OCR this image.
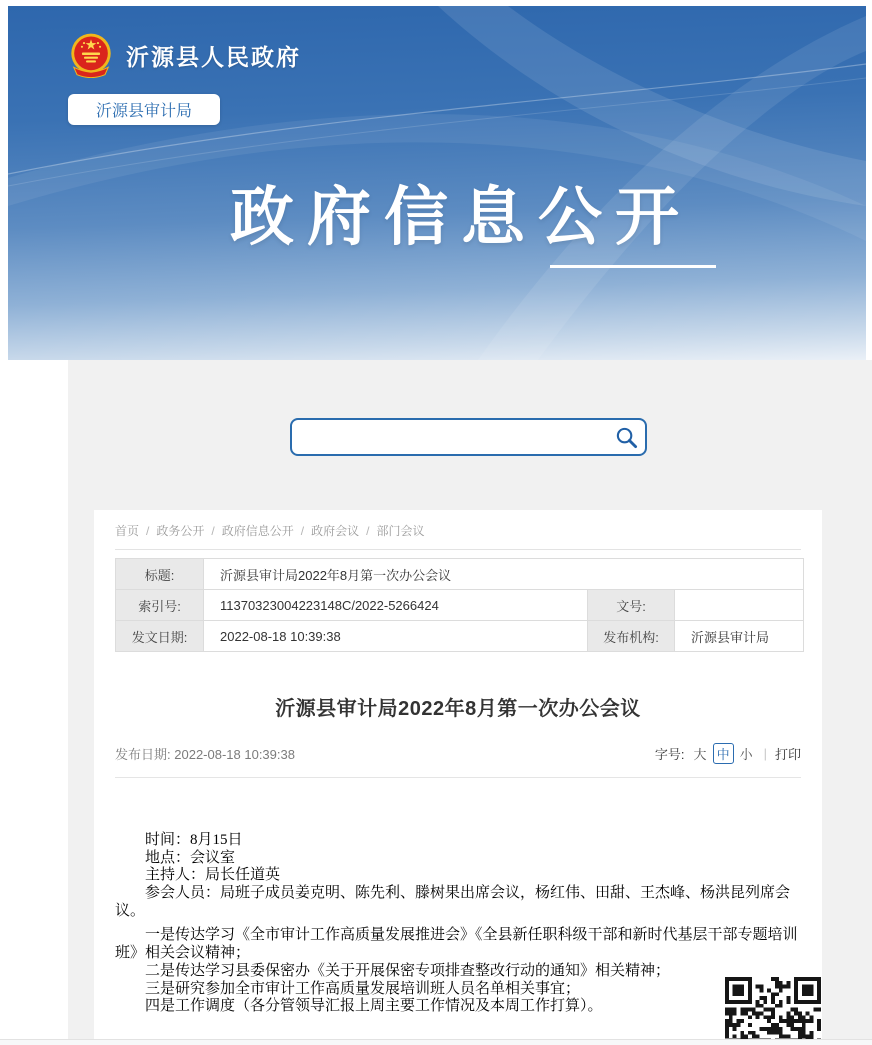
沂源县人民政府
沂源县审计局
政府信息公开
首页 / 政务公开 / 政府信息公开 / 政府会议 / 部门会议
标题:	沂源县审计局2022年8月第一次办公会议		
索引号:	11370323004223148C/2022-5266424	文号:	
发文日期:	2022-08-18 10:39:38	发布机构:	沂源县审计局
沂源县审计局2022年8月第一次办公会议
发布日期: 2022-08-18 10:39:38	字号: 大 中 小 | 打印

时间：8月15日

地点：会议室

主持人：局长任道英

参会人员：局班子成员姜克明、陈先利、滕树果出席会议，杨红伟、田甜、王杰峰、杨洪昆列席会议。

一是传达学习《全市审计工作高质量发展推进会》《全县新任职科级干部和新时代基层干部专题培训班》相关会议精神；

二是传达学习县委保密办《关于开展保密专项排查整改行动的通知》相关精神；

三是研究参加全市审计工作高质量发展培训班人员名单相关事宜；

四是工作调度（各分管领导汇报上周主要工作情况及本周工作打算）。
